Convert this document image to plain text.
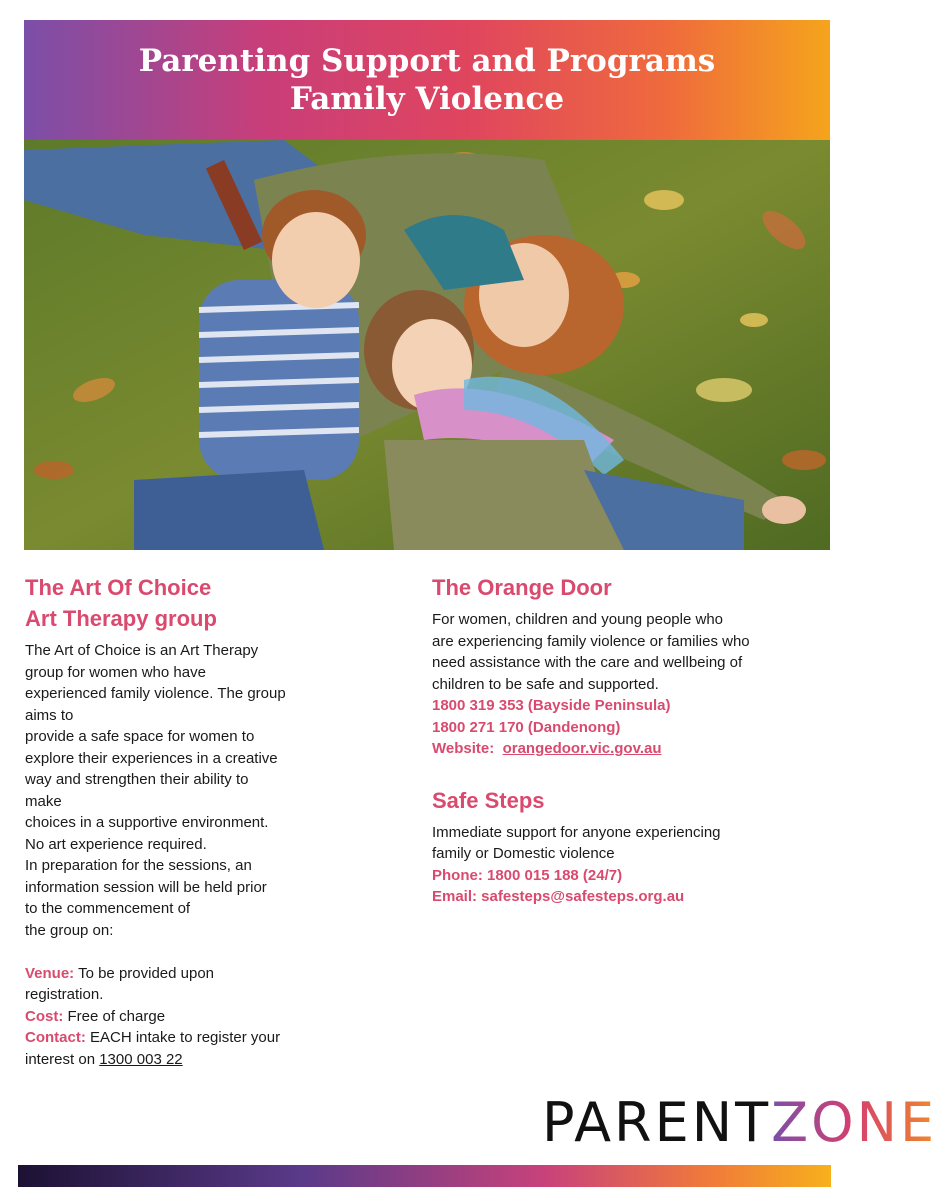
Parenting Support and Programs
Family Violence
The Art Of Choice
Art Therapy group

The Art of Choice is an Art Therapy

group for women who have

experienced family violence. The group

aims to

provide a safe space for women to

explore their experiences in a creative

way and strengthen their ability to

make

choices in a supportive environment.

No art experience required.

In preparation for the sessions, an

information session will be held prior

to the commencement of

the group on:

Venue: To be provided upon

registration.

Cost: Free of charge

Contact: EACH intake to register your

interest on 1300 003 22

The Orange Door

For women, children and young people who

are experiencing family violence or families who

need assistance with the care and wellbeing of

children to be safe and supported.

1800 319 353 (Bayside Peninsula)

1800 271 170 (Dandenong)

Website:  orangedoor.vic.gov.au

Safe Steps

Immediate support for anyone experiencing

family or Domestic violence

Phone: 1800 015 188 (24/7)

Email: safesteps@safesteps.org.au

PARENTZONE
